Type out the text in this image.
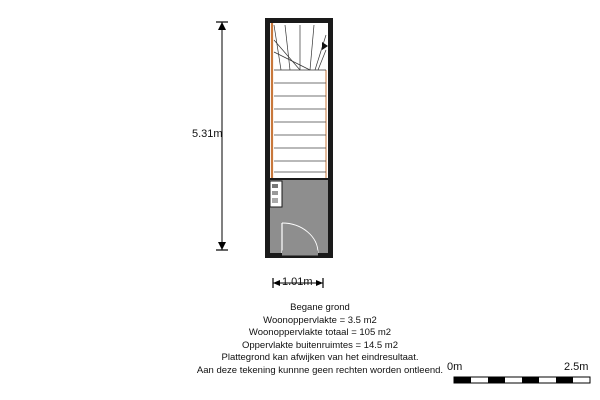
5.31m
1.01m
Begane grond
Woonoppervlakte = 3.5 m2
Woonoppervlakte totaal = 105 m2
Oppervlakte buitenruimtes = 14.5 m2
Plattegrond kan afwijken van het eindresultaat.
Aan deze tekening kunnne geen rechten worden ontleend. 0m	2.5m
